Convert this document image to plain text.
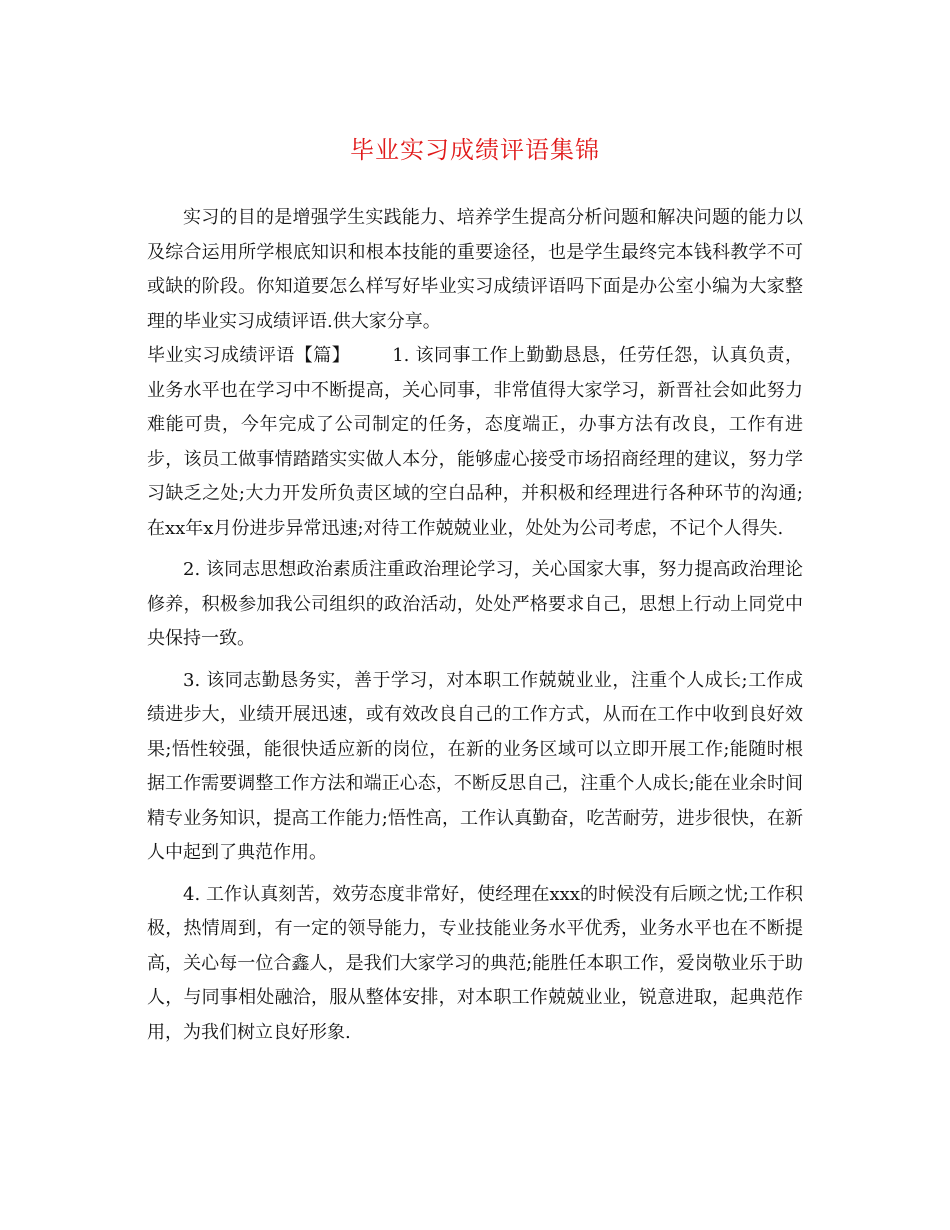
毕业实习成绩评语集锦

实习的目的是增强学生实践能力、培养学生提高分析问题和解决问题的能力以及综合运用所学根底知识和根本技能的重要途径，也是学生最终完本钱科教学不可或缺的阶段。你知道要怎么样写好毕业实习成绩评语吗下面是办公室小编为大家整理的毕业实习成绩评语.供大家分享。

毕业实习成绩评语【篇】 1. 该同事工作上勤勤恳恳，任劳任怨，认真负责，业务水平也在学习中不断提高，关心同事，非常值得大家学习，新晋社会如此努力难能可贵，今年完成了公司制定的任务，态度端正，办事方法有改良，工作有进步，该员工做事情踏踏实实做人本分，能够虚心接受市场招商经理的建议，努力学习缺乏之处;大力开发所负责区域的空白品种，并积极和经理进行各种环节的沟通;在xx年x月份进步异常迅速;对待工作兢兢业业，处处为公司考虑，不记个人得失.

2. 该同志思想政治素质注重政治理论学习，关心国家大事，努力提高政治理论修养，积极参加我公司组织的政治活动，处处严格要求自己，思想上行动上同党中央保持一致。

3. 该同志勤恳务实，善于学习，对本职工作兢兢业业，注重个人成长;工作成绩进步大，业绩开展迅速，或有效改良自己的工作方式，从而在工作中收到良好效果;悟性较强，能很快适应新的岗位，在新的业务区域可以立即开展工作;能随时根据工作需要调整工作方法和端正心态，不断反思自己，注重个人成长;能在业余时间精专业务知识，提高工作能力;悟性高，工作认真勤奋，吃苦耐劳，进步很快，在新人中起到了典范作用。

4. 工作认真刻苦，效劳态度非常好，使经理在xxx的时候没有后顾之忧;工作积极，热情周到，有一定的领导能力，专业技能业务水平优秀，业务水平也在不断提高，关心每一位合鑫人，是我们大家学习的典范;能胜任本职工作，爱岗敬业乐于助人，与同事相处融洽，服从整体安排，对本职工作兢兢业业，锐意进取，起典范作用，为我们树立良好形象.
